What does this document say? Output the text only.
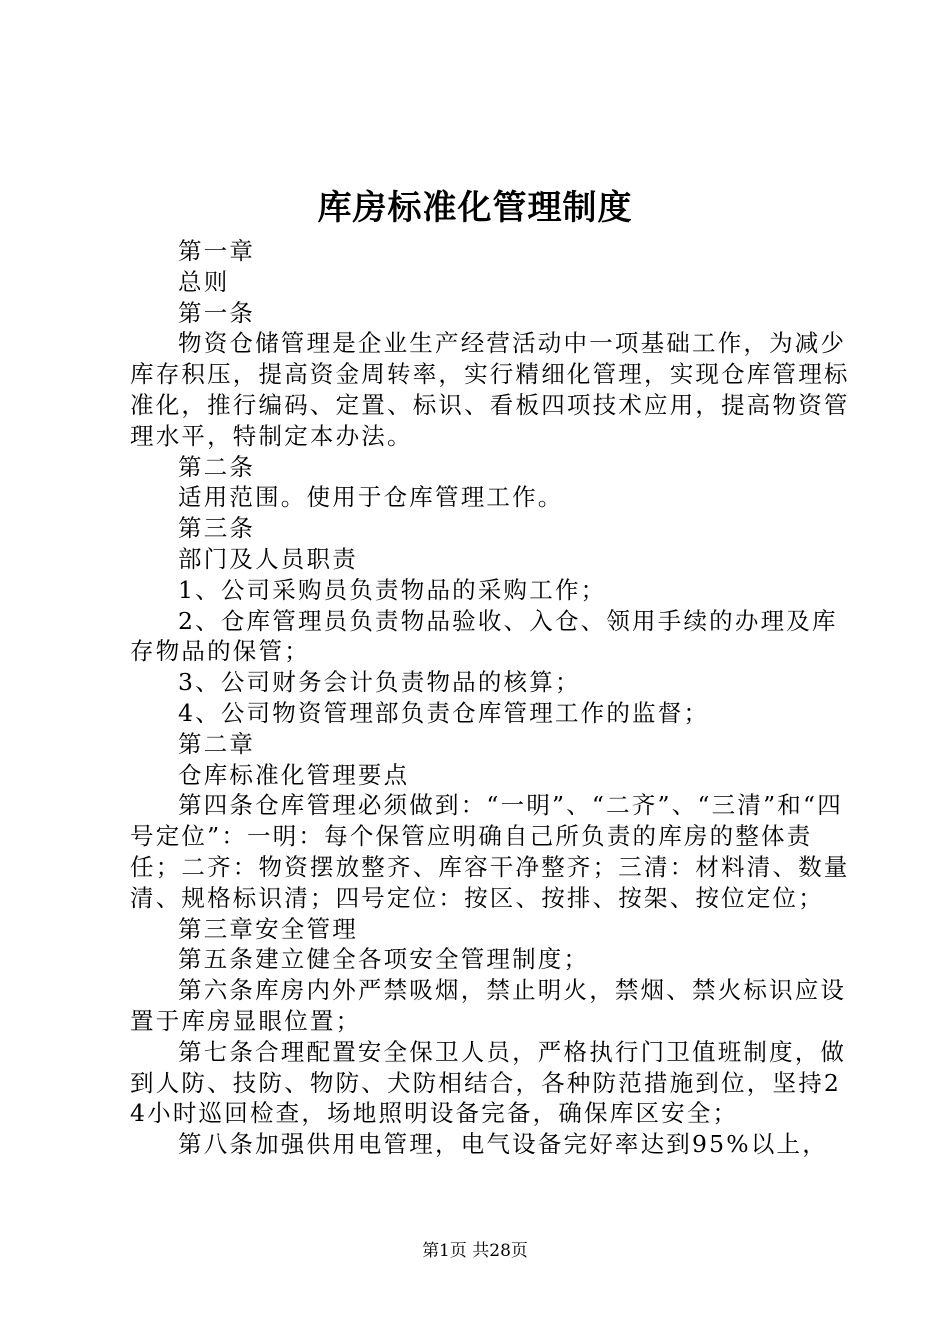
库房标准化管理制度

第一章

总则

第一条

物资仓储管理是企业生产经营活动中一项基础工作，为减少库存积压，提高资金周转率，实行精细化管理，实现仓库管理标准化，推行编码、定置、标识、看板四项技术应用，提高物资管理水平，特制定本办法。

第二条

适用范围。使用于仓库管理工作。

第三条

部门及人员职责

1、公司采购员负责物品的采购工作；

2、仓库管理员负责物品验收、入仓、领用手续的办理及库存物品的保管；

3、公司财务会计负责物品的核算；

4、公司物资管理部负责仓库管理工作的监督；

第二章

仓库标准化管理要点

第四条仓库管理必须做到：“一明”、“二齐”、“三清”和“四号定位”：一明：每个保管应明确自己所负责的库房的整体责任；二齐：物资摆放整齐、库容干净整齐；三清：材料清、数量清、规格标识清；四号定位：按区、按排、按架、按位定位；

第三章安全管理

第五条建立健全各项安全管理制度；

第六条库房内外严禁吸烟，禁止明火，禁烟、禁火标识应设置于库房显眼位置；

第七条合理配置安全保卫人员，严格执行门卫值班制度，做到人防、技防、物防、犬防相结合，各种防范措施到位，坚持24小时巡回检查，场地照明设备完备，确保库区安全；

第八条加强供用电管理，电气设备完好率达到95%以上，

第1页 共28页
